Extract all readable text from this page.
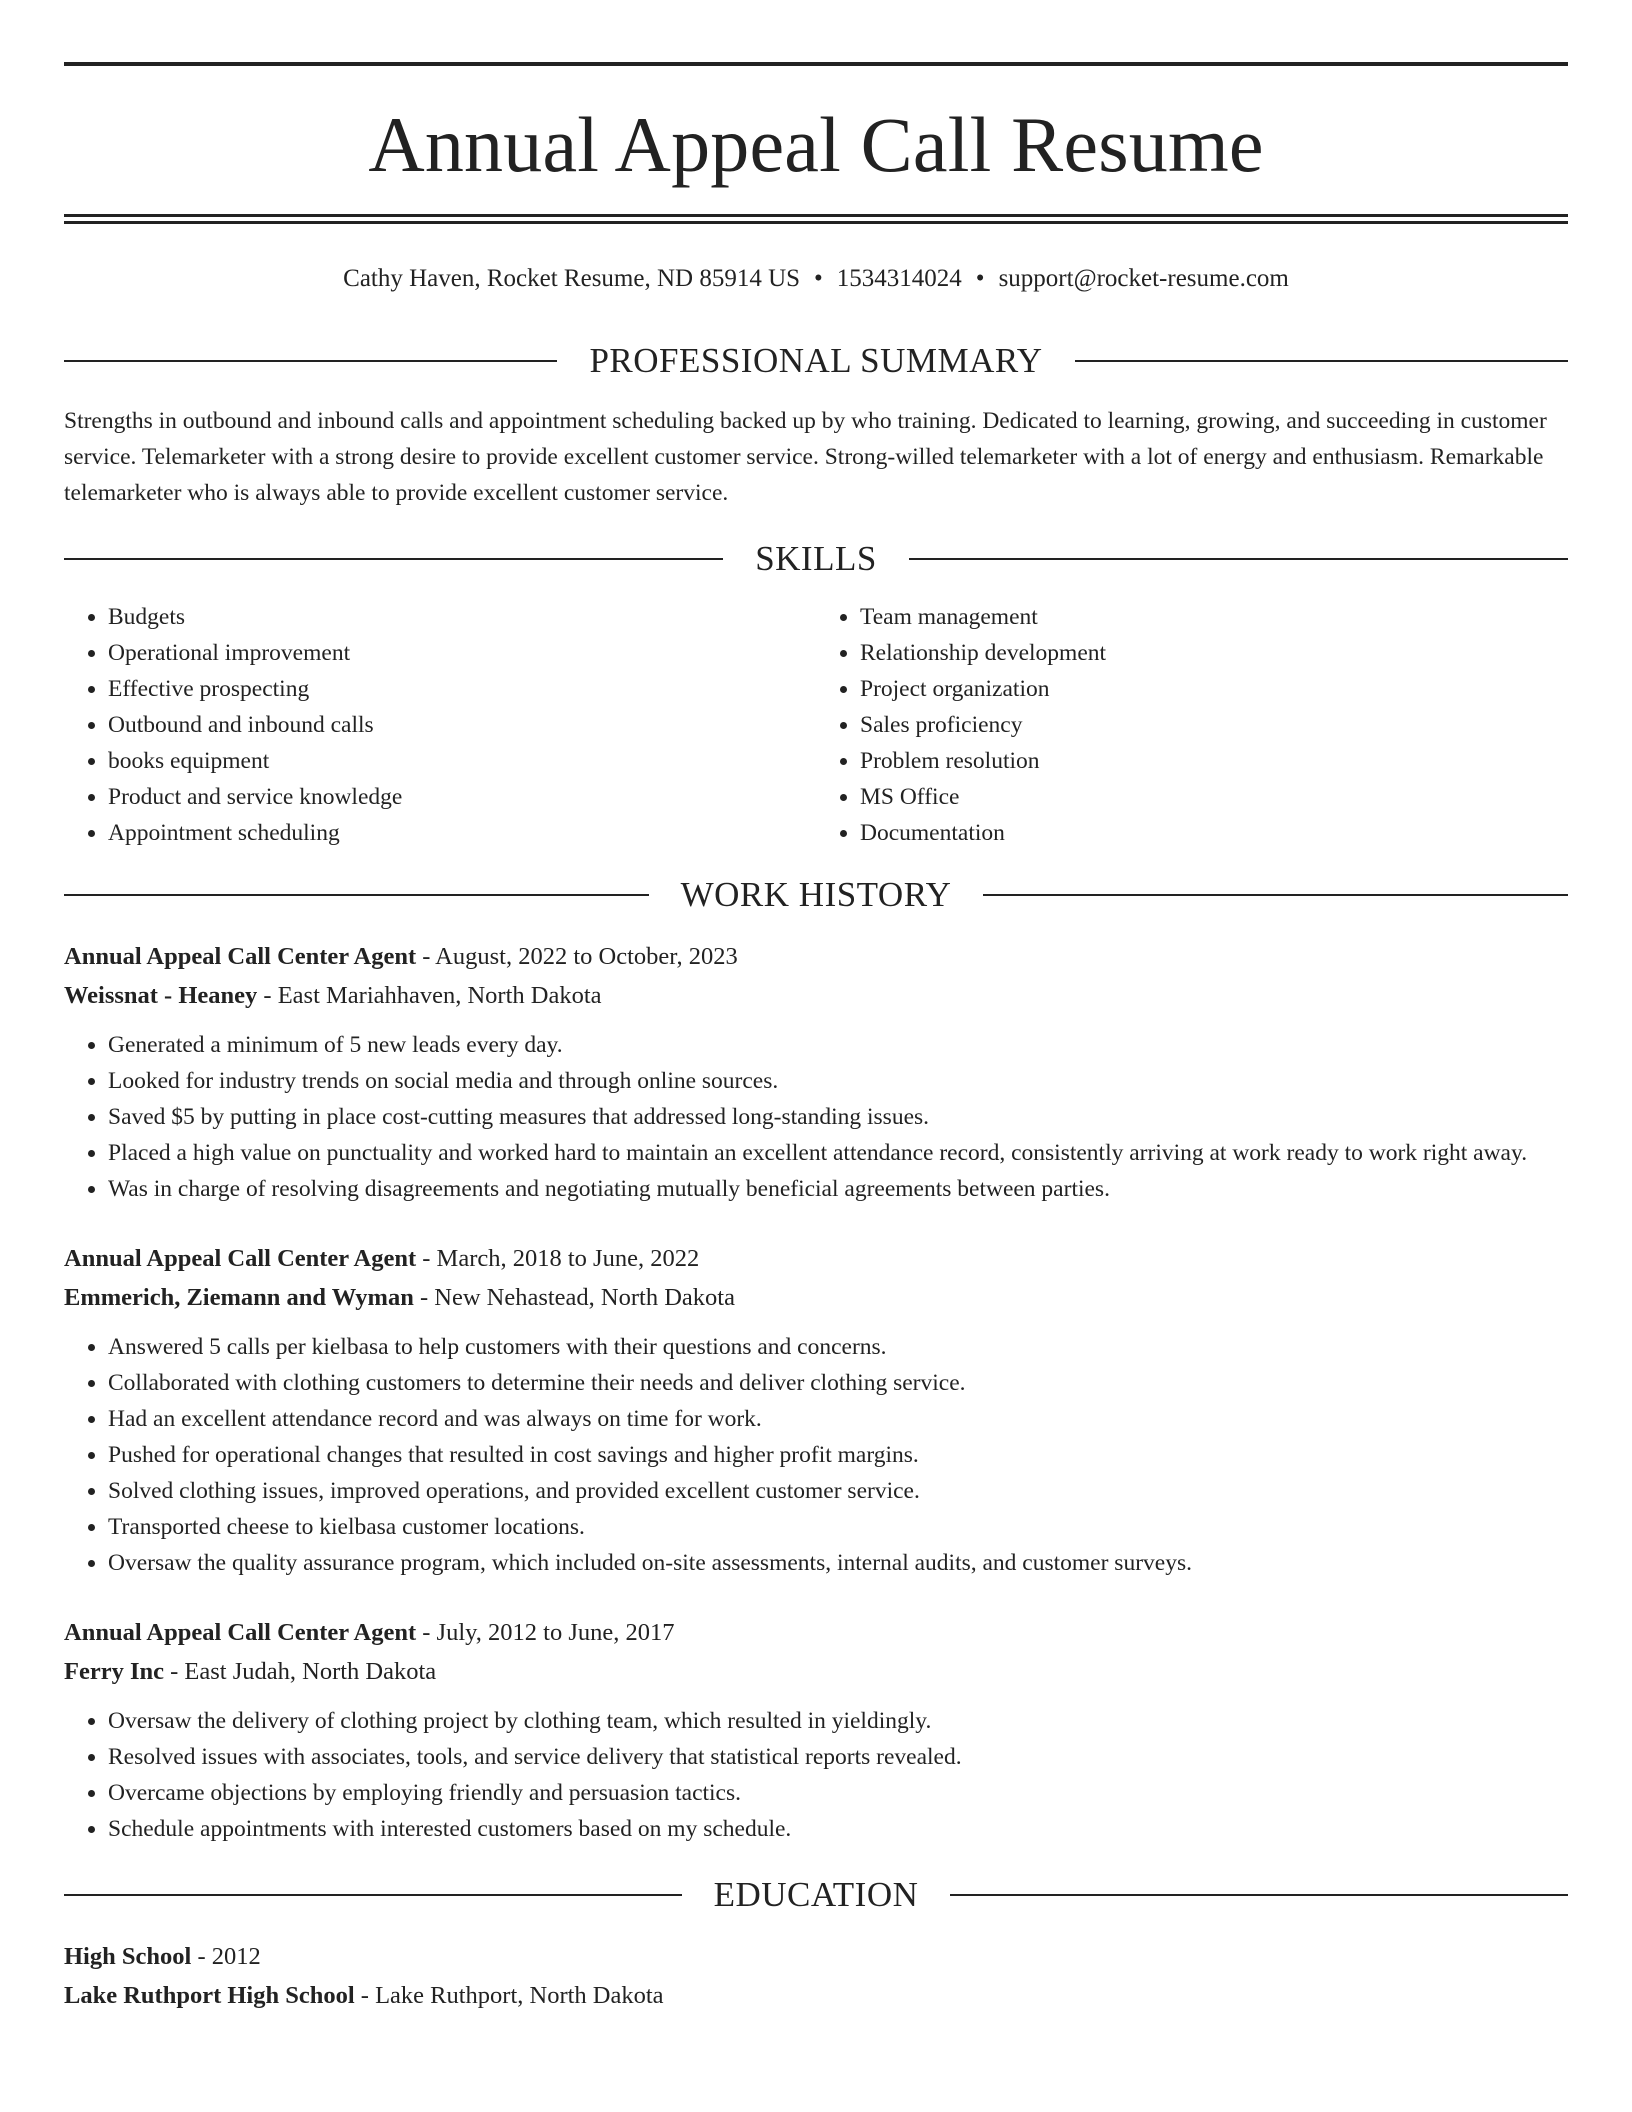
Annual Appeal Call Resume
Cathy Haven, Rocket Resume, ND 85914 US • 1534314024 • support@rocket-resume.com
PROFESSIONAL SUMMARY

Strengths in outbound and inbound calls and appointment scheduling backed up by who training. Dedicated to learning, growing, and succeeding in customer service. Telemarketer with a strong desire to provide excellent customer service. Strong-willed telemarketer with a lot of energy and enthusiasm. Remarkable telemarketer who is always able to provide excellent customer service.

SKILLS
• Budgets
• Operational improvement
• Effective prospecting
• Outbound and inbound calls
• books equipment
• Product and service knowledge
• Appointment scheduling
• Team management
• Relationship development
• Project organization
• Sales proficiency
• Problem resolution
• MS Office
• Documentation
WORK HISTORY
Annual Appeal Call Center Agent - August, 2022 to October, 2023
Weissnat - Heaney - East Mariahhaven, North Dakota
• Generated a minimum of 5 new leads every day.
• Looked for industry trends on social media and through online sources.
• Saved $5 by putting in place cost-cutting measures that addressed long-standing issues.
• Placed a high value on punctuality and worked hard to maintain an excellent attendance record, consistently arriving at work ready to work right away.
• Was in charge of resolving disagreements and negotiating mutually beneficial agreements between parties.
Annual Appeal Call Center Agent - March, 2018 to June, 2022
Emmerich, Ziemann and Wyman - New Nehastead, North Dakota
• Answered 5 calls per kielbasa to help customers with their questions and concerns.
• Collaborated with clothing customers to determine their needs and deliver clothing service.
• Had an excellent attendance record and was always on time for work.
• Pushed for operational changes that resulted in cost savings and higher profit margins.
• Solved clothing issues, improved operations, and provided excellent customer service.
• Transported cheese to kielbasa customer locations.
• Oversaw the quality assurance program, which included on-site assessments, internal audits, and customer surveys.
Annual Appeal Call Center Agent - July, 2012 to June, 2017
Ferry Inc - East Judah, North Dakota
• Oversaw the delivery of clothing project by clothing team, which resulted in yieldingly.
• Resolved issues with associates, tools, and service delivery that statistical reports revealed.
• Overcame objections by employing friendly and persuasion tactics.
• Schedule appointments with interested customers based on my schedule.
EDUCATION
High School - 2012
Lake Ruthport High School - Lake Ruthport, North Dakota
